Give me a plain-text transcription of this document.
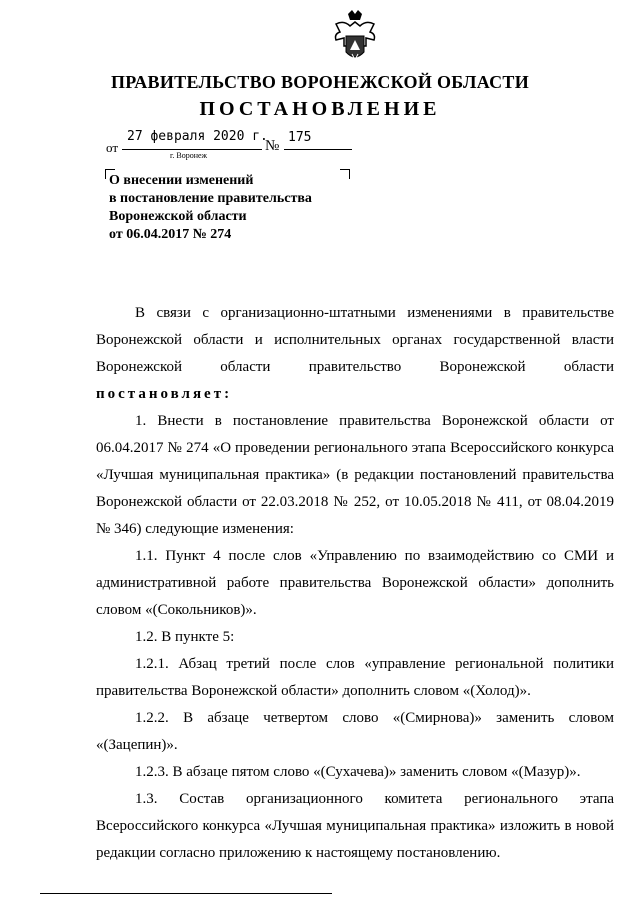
ПРАВИТЕЛЬСТВО ВОРОНЕЖСКОЙ ОБЛАСТИ
ПОСТАНОВЛЕНИЕ
от
27 февраля 2020 г.
№
175
г. Воронеж
О внесении изменений
в постановление правительства
Воронежской области
от 06.04.2017 № 274

В связи с организационно-штатными изменениями в правительстве Воронежской области и исполнительных органах государственной власти Воронежской области правительство Воронежской области постановляет:

1. Внести в постановление правительства Воронежской области от 06.04.2017 № 274 «О проведении регионального этапа Всероссийского конкурса «Лучшая муниципальная практика» (в редакции постановлений правительства Воронежской области от 22.03.2018 № 252, от 10.05.2018 № 411, от 08.04.2019 № 346) следующие изменения:

1.1. Пункт 4 после слов «Управлению по взаимодействию со СМИ и административной работе правительства Воронежской области» дополнить словом «(Сокольников)».

1.2. В пункте 5:

1.2.1. Абзац третий после слов «управление региональной политики правительства Воронежской области» дополнить словом «(Холод)».

1.2.2. В абзаце четвертом слово «(Смирнова)» заменить словом «(Зацепин)».

1.2.3. В абзаце пятом слово «(Сухачева)» заменить словом «(Мазур)».

1.3. Состав организационного комитета регионального этапа Всероссийского конкурса «Лучшая муниципальная практика» изложить в новой редакции согласно приложению к настоящему постановлению.
